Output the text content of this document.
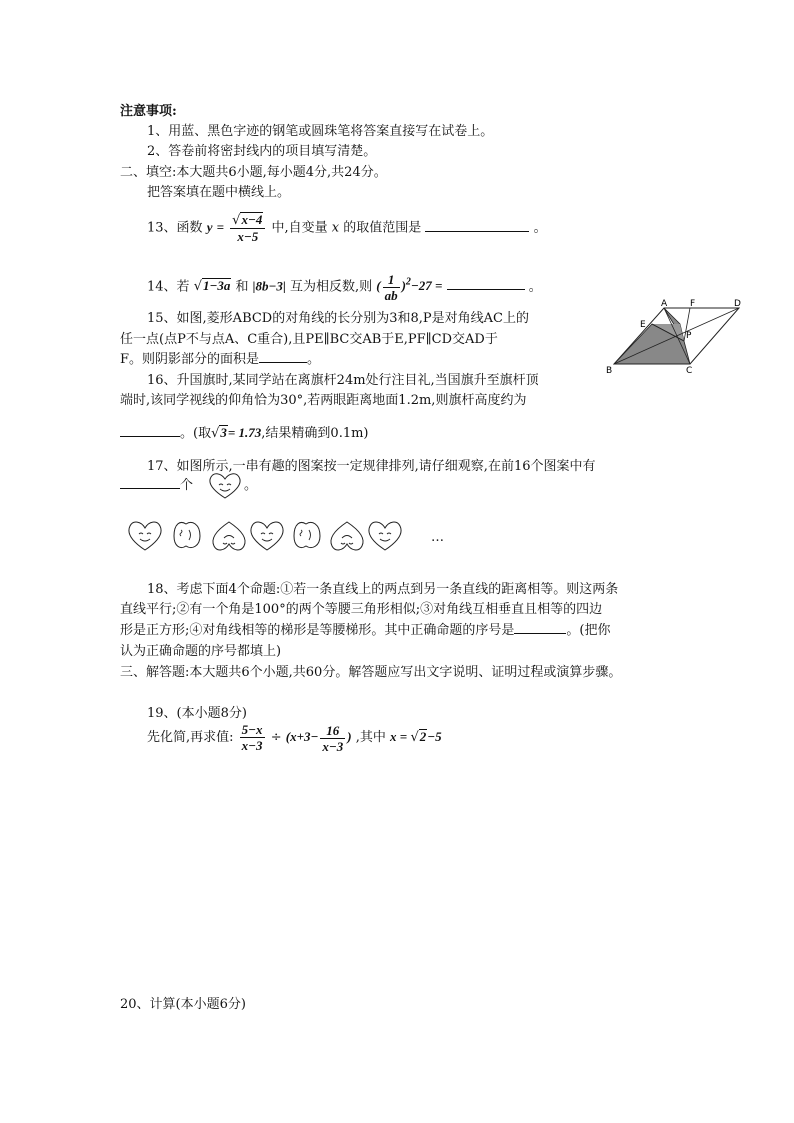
注意事项:
1、用蓝、黑色字迹的钢笔或圆珠笔将答案直接写在试卷上。
2、答卷前将密封线内的项目填写清楚。
二、填空:本大题共6小题,每小题4分,共24分。
把答案填在题中横线上。
13、函数 $y = \frac{√x-4}{x-5}$ 中,自变量 x 的取值范围是	。
14、若 √1−3a 和 |8b−3| 互为相反数,则 ( $\frac{1}{ab} )^2-27$ =	。
15、如图,菱形ABCD的对角线的长分别为3和8,P是对角线AC上的
任一点(点P不与点A、C重合),且PE∥BC交AB于E,PF∥CD交AD于
F。则阴影部分的面积是	。
A	F	D
E
P
B	C
16、升国旗时,某同学站在离旗杆24m处行注目礼,当国旗升至旗杆顶
端时,该同学视线的仰角恰为30°,若两眼距离地面1.2m,则旗杆高度约为
。(取√3= 1.73,结果精确到0.1m)
17、如图所示,一串有趣的图案按一定规律排列,请仔细观察,在前16个图案中有
个	。
…
18、考虑下面4个命题:①若一条直线上的两点到另一条直线的距离相等。则这两条
直线平行;②有一个角是100°的两个等腰三角形相似;③对角线互相垂直且相等的四边
形是正方形;④对角线相等的梯形是等腰梯形。其中正确命题的序号是	。(把你
认为正确命题的序号都填上)
三、解答题:本大题共6个小题,共60分。解答题应写出文字说明、证明过程或演算步骤。
19、(本小题8分)
先化简,再求值: $\frac{5-x}{x-3} \div (x+3- \frac{16}{x-3}$ ) ,其中 x = √2−5
20、计算(本小题6分)
